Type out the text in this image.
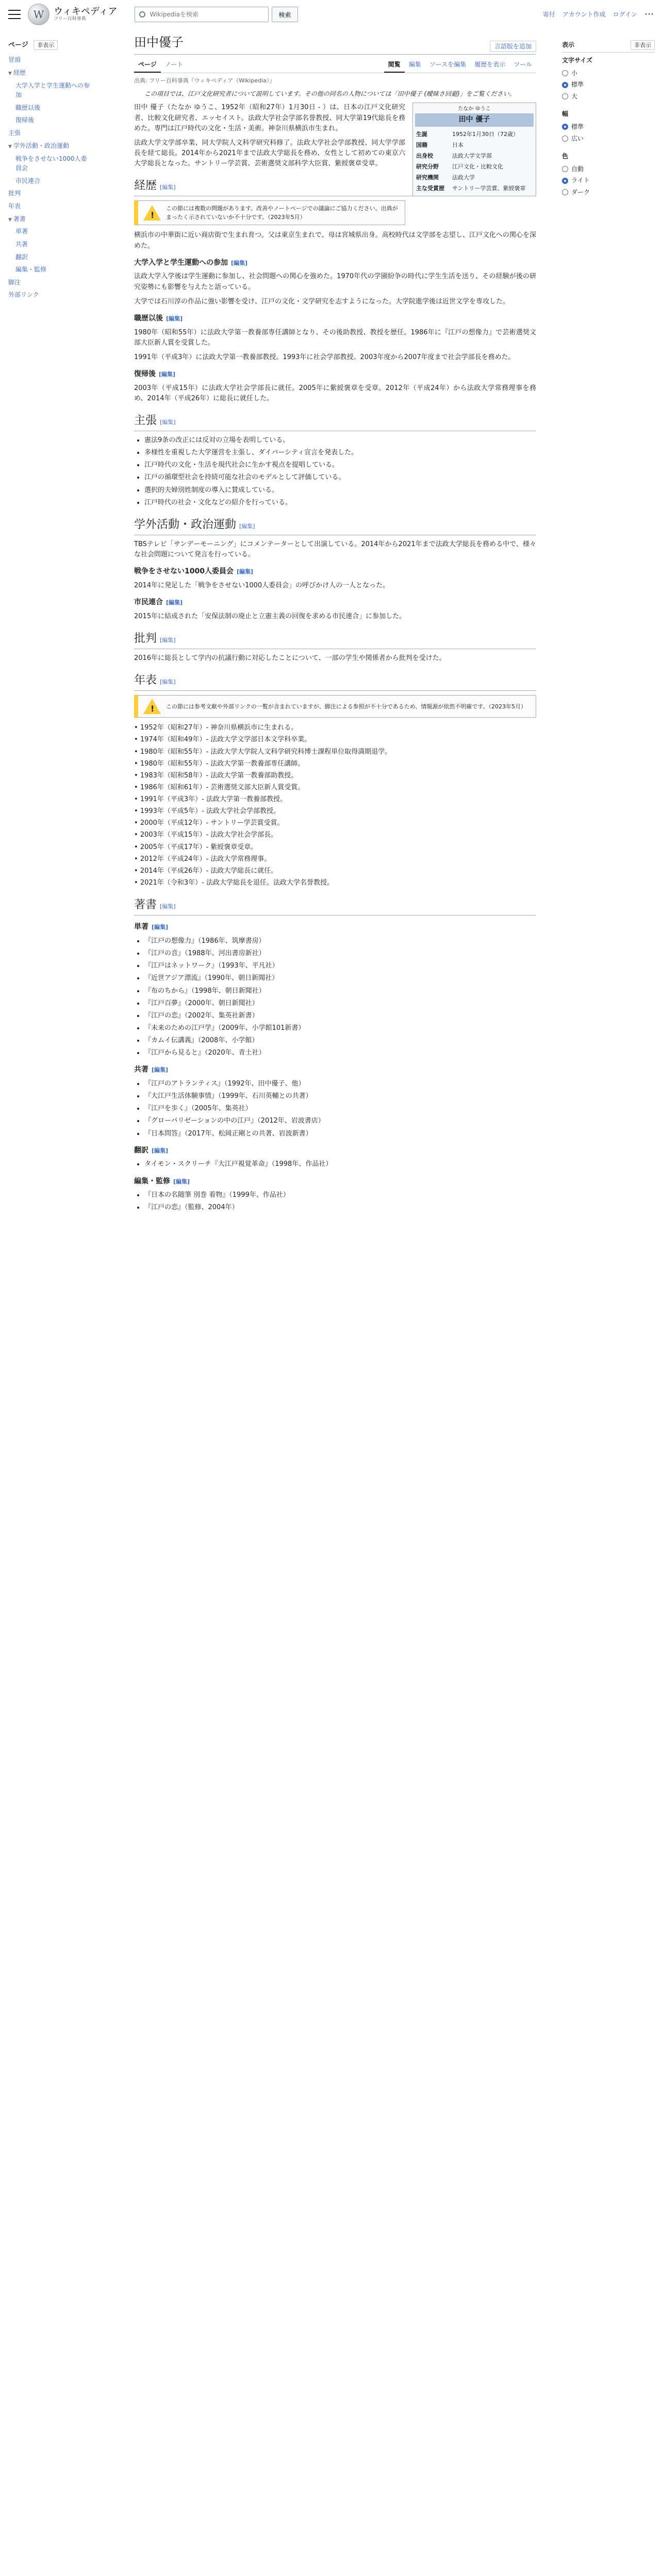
W	ウィキペディア
フリー百科事典
Wikipediaを検索
検索	寄付 アカウント作成 ログイン ⋯
ページ 非表示
冒頭
▼ 経歴
大学入学と学生運動への参加
職歴以後
復帰後
主張
▼ 学外活動・政治運動
戦争をさせない1000人委員会
市民連合
批判
年表
▼ 著書
単著
共著
翻訳
編集・監修
脚注
外部リンク
田中優子	言語版を追加
ページ	ノート	閲覧	編集	ソースを編集	履歴を表示	ツール
出典: フリー百科事典『ウィキペディア（Wikipedia）』

この項目では、江戸文化研究者について説明しています。その他の同名の人物については「田中優子 (曖昧さ回避)」をご覧ください。

たなか ゆうこ
田中 優子
生誕	1952年1月30日（72歳）
国籍	日本
出身校	法政大学文学部
研究分野	江戸文化・比較文化
研究機関	法政大学
主な受賞歴	サントリー学芸賞、紫綬褒章

田中 優子（たなか ゆうこ、1952年（昭和27年）1月30日 - ）は、日本の江戸文化研究者、比較文化研究者、エッセイスト。法政大学社会学部名誉教授、同大学第19代総長を務めた。専門は江戸時代の文化・生活・美術。神奈川県横浜市生まれ。

法政大学文学部卒業、同大学院人文科学研究科修了。法政大学社会学部教授、同大学学部長を経て総長。2014年から2021年まで法政大学総長を務め、女性として初めての東京六大学総長となった。サントリー学芸賞、芸術選奨文部科学大臣賞、紫綬褒章受章。

経歴 [編集]
!
この節には複数の問題があります。改善やノートページでの議論にご協力ください。出典がまったく示されていないか不十分です。（2023年5月）

横浜市の中華街に近い商店街で生まれ育つ。父は東京生まれで、母は宮城県出身。高校時代は文学部を志望し、江戸文化への関心を深めた。

大学入学と学生運動への参加 [編集]

法政大学入学後は学生運動に参加し、社会問題への関心を強めた。1970年代の学園紛争の時代に学生生活を送り、その経験が後の研究姿勢にも影響を与えたと語っている。

大学では石川淳の作品に強い影響を受け、江戸の文化・文学研究を志すようになった。大学院進学後は近世文学を専攻した。

職歴以後 [編集]

1980年（昭和55年）に法政大学第一教養部専任講師となり、その後助教授、教授を歴任。1986年に『江戸の想像力』で芸術選奨文部大臣新人賞を受賞した。

1991年（平成3年）に法政大学第一教養部教授。1993年に社会学部教授。2003年度から2007年度まで社会学部長を務めた。

復帰後 [編集]

2003年（平成15年）に法政大学社会学部長に就任。2005年に紫綬褒章を受章。2012年（平成24年）から法政大学常務理事を務め、2014年（平成26年）に総長に就任した。

主張 [編集]
• 憲法9条の改正には反対の立場を表明している。
• 多様性を重視した大学運営を主張し、ダイバーシティ宣言を発表した。
• 江戸時代の文化・生活を現代社会に生かす視点を提唱している。
• 江戸の循環型社会を持続可能な社会のモデルとして評価している。
• 選択的夫婦別姓制度の導入に賛成している。
• 江戸時代の社会・文化などの紹介を行っている。
学外活動・政治運動 [編集]

TBSテレビ「サンデーモーニング」にコメンテーターとして出演している。2014年から2021年まで法政大学総長を務める中で、様々な社会問題について発言を行っている。

戦争をさせない1000人委員会 [編集]

2014年に発足した「戦争をさせない1000人委員会」の呼びかけ人の一人となった。

市民連合 [編集]

2015年に結成された「安保法制の廃止と立憲主義の回復を求める市民連合」に参加した。

批判 [編集]

2016年に総長として学内の抗議行動に対応したことについて、一部の学生や関係者から批判を受けた。

年表 [編集]
!
この節には参考文献や外部リンクの一覧が含まれていますが、脚注による参照が不十分であるため、情報源が依然不明確です。（2023年5月）
• 1952年（昭和27年）- 神奈川県横浜市に生まれる。
• 1974年（昭和49年）- 法政大学文学部日本文学科卒業。
• 1980年（昭和55年）- 法政大学大学院人文科学研究科博士課程単位取得満期退学。
• 1980年（昭和55年）- 法政大学第一教養部専任講師。
• 1983年（昭和58年）- 法政大学第一教養部助教授。
• 1986年（昭和61年）- 芸術選奨文部大臣新人賞受賞。
• 1991年（平成3年）- 法政大学第一教養部教授。
• 1993年（平成5年）- 法政大学社会学部教授。
• 2000年（平成12年）- サントリー学芸賞受賞。
• 2003年（平成15年）- 法政大学社会学部長。
• 2005年（平成17年）- 紫綬褒章受章。
• 2012年（平成24年）- 法政大学常務理事。
• 2014年（平成26年）- 法政大学総長に就任。
• 2021年（令和3年）- 法政大学総長を退任。法政大学名誉教授。
著書 [編集]
単著 [編集]
• 『江戸の想像力』（1986年、筑摩書房）
• 『江戸の音』（1988年、河出書房新社）
• 『江戸はネットワーク』（1993年、平凡社）
• 『近世アジア漂流』（1990年、朝日新聞社）
• 『布のちから』（1998年、朝日新聞社）
• 『江戸百夢』（2000年、朝日新聞社）
• 『江戸の恋』（2002年、集英社新書）
• 『未来のための江戸学』（2009年、小学館101新書）
• 『カムイ伝講義』（2008年、小学館）
• 『江戸から見ると』（2020年、青土社）
共著 [編集]
• 『江戸のアトランティス』（1992年、田中優子、他）
• 『大江戸生活体験事情』（1999年、石川英輔との共著）
• 『江戸を歩く』（2005年、集英社）
• 『グローバリゼーションの中の江戸』（2012年、岩波書店）
• 『日本問答』（2017年、松岡正剛との共著、岩波新書）
翻訳 [編集]
• タイモン・スクリーチ『大江戸視覚革命』（1998年、作品社）
編集・監修 [編集]
• 『日本の名随筆 別巻 着物』（1999年、作品社）
• 『江戸の恋』（監修、2004年）
表示	非表示
文字サイズ
小
標準
大
幅
標準
広い
色
自動
ライト
ダーク
